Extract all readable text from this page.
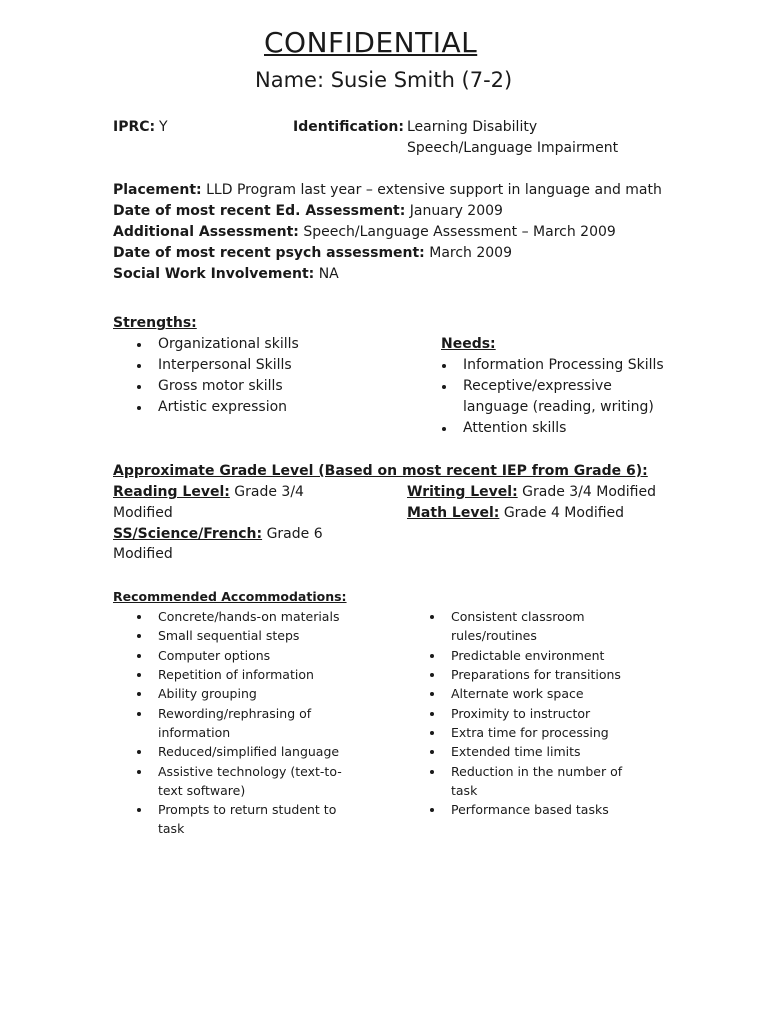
CONFIDENTIAL
Name: Susie Smith (7-2)
IPRC: Y	Identification: Learning Disability
Speech/Language Impairment
Placement: LLD Program last year – extensive support in language and math
Date of most recent Ed. Assessment: January 2009
Additional Assessment: Speech/Language Assessment – March 2009
Date of most recent psych assessment: March 2009
Social Work Involvement: NA
Strengths:
Organizational skills
Interpersonal Skills
Gross motor skills
Artistic expression
Needs:
Information Processing Skills
Receptive/expressive
language (reading, writing)
Attention skills
Approximate Grade Level (Based on most recent IEP from Grade 6):
Reading Level: Grade 3/4
Modified
Writing Level: Grade 3/4 Modified
Math Level: Grade 4 Modified
SS/Science/French: Grade 6
Modified
Recommended Accommodations:
Concrete/hands-on materials
Small sequential steps
Computer options
Repetition of information
Ability grouping
Rewording/rephrasing of
information
Reduced/simplified language
Assistive technology (text-to-
text software)
Prompts to return student to
task
Consistent classroom
rules/routines
Predictable environment
Preparations for transitions
Alternate work space
Proximity to instructor
Extra time for processing
Extended time limits
Reduction in the number of
task
Performance based tasks
